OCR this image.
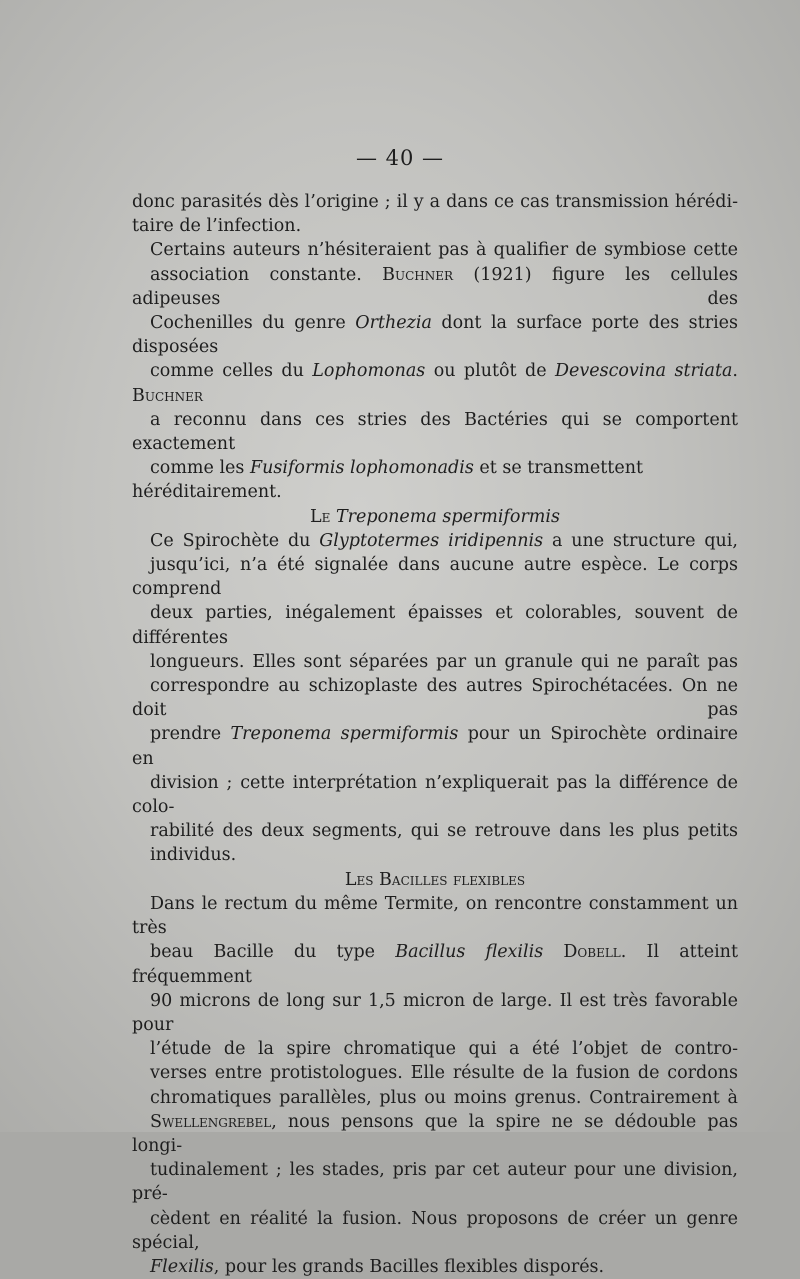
— 40 —

donc parasités dès l’origine ; il y a dans ce cas transmission hérédi-
taire de l’infection.

Certains auteurs n’hésiteraient pas à qualifier de symbiose cette
association constante. Buchner (1921) figure les cellules adipeuses des
Cochenilles du genre Orthezia dont la surface porte des stries disposées
comme celles du Lophomonas ou plutôt de Devescovina striata. Buchner
a reconnu dans ces stries des Bactéries qui se comportent exactement
comme les Fusiformis lophomonadis et se transmettent héréditairement.

Le Treponema spermiformis

Ce Spirochète du Glyptotermes iridipennis a une structure qui,
jusqu’ici, n’a été signalée dans aucune autre espèce. Le corps comprend
deux parties, inégalement épaisses et colorables, souvent de différentes
longueurs. Elles sont séparées par un granule qui ne paraît pas
correspondre au schizoplaste des autres Spirochétacées. On ne doit pas
prendre Treponema spermiformis pour un Spirochète ordinaire en
division ; cette interprétation n’expliquerait pas la différence de colo-
rabilité des deux segments, qui se retrouve dans les plus petits
individus.

Les Bacilles flexibles

Dans le rectum du même Termite, on rencontre constamment un très
beau Bacille du type Bacillus flexilis Dobell. Il atteint fréquemment
90 microns de long sur 1,5 micron de large. Il est très favorable pour
l’étude de la spire chromatique qui a été l’objet de contro-
verses entre protistologues. Elle résulte de la fusion de cordons
chromatiques parallèles, plus ou moins grenus. Contrairement à
Swellengrebel, nous pensons que la spire ne se dédouble pas longi-
tudinalement ; les stades, pris par cet auteur pour une division, pré-
cèdent en réalité la fusion. Nous proposons de créer un genre spécial,
Flexilis, pour les grands Bacilles flexibles disporés.
